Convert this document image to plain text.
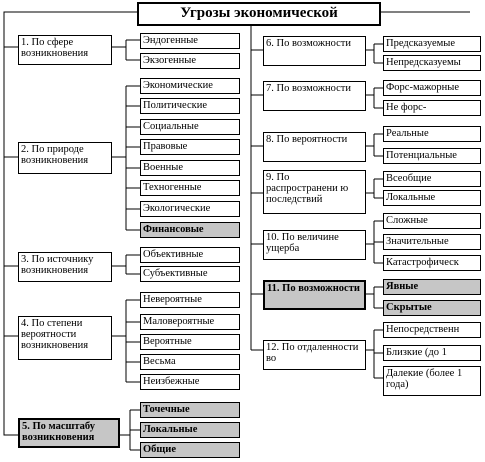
Угрозы экономической
1. По сфере возникновения
2. По природе возникновения
3. По источнику возникновения
4. По степени вероятности возникновения
5. По масштабу возникновения
Эндогенные
Экзогенные
Экономические
Политические
Социальные
Правовые
Военные
Техногенные
Экологические
Финансовые
Объективные
Субъективные
Невероятные
Маловероятные
Вероятные
Весьма
Неизбежные
Точечные
Локальные
Общие
6. По возможности
7. По возможности
8. По вероятности
9. По распространени ю последствий
10. По величине ущерба
11. По возможности
12. По отдаленности во
Предсказуемые
Непредсказуемы
Форс-мажорные
Не форс-
Реальные
Потенциальные
Всеобщие
Локальные
Сложные
Значительные
Катастрофическ
Явные
Скрытые
Непосредственн
Близкие (до 1
Далекие (более 1 года)
